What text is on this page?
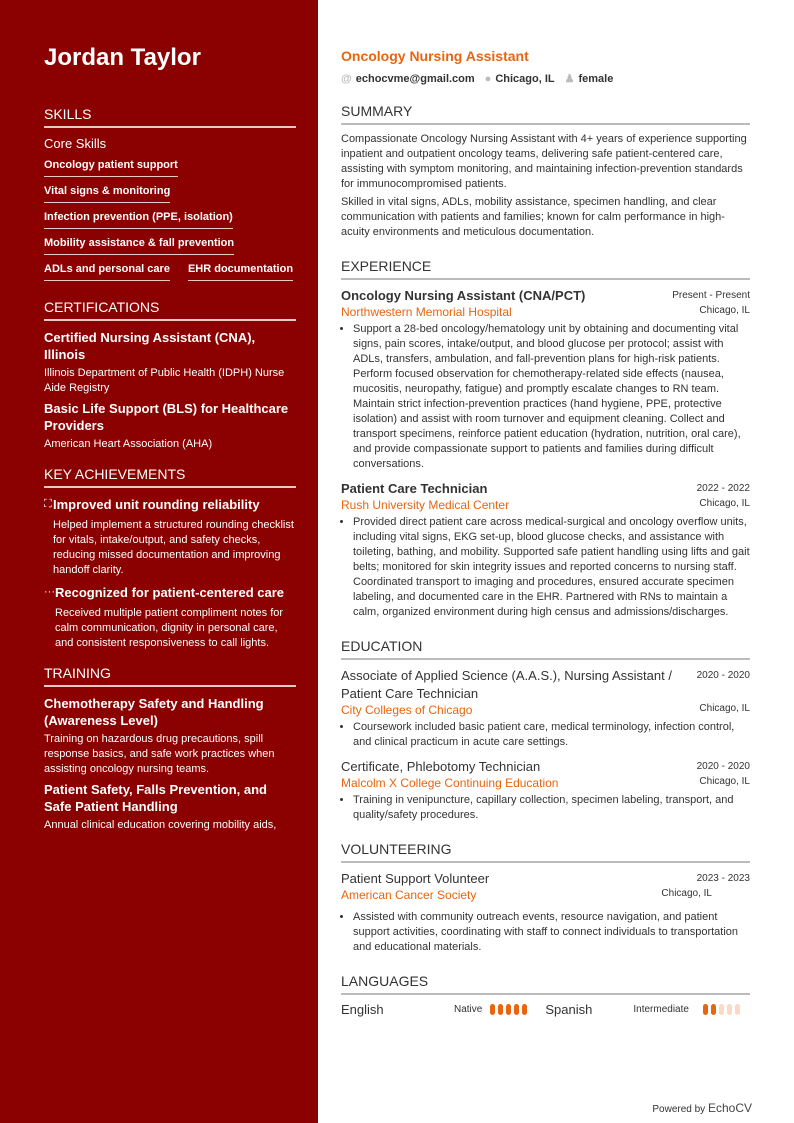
Jordan Taylor
SKILLS
Core Skills
Oncology patient support
Vital signs & monitoring
Infection prevention (PPE, isolation)
Mobility assistance & fall prevention
ADLs and personal care EHR documentation
CERTIFICATIONS
Certified Nursing Assistant (CNA), Illinois
Illinois Department of Public Health (IDPH) Nurse Aide Registry
Basic Life Support (BLS) for Healthcare Providers
American Heart Association (AHA)
KEY ACHIEVEMENTS
⛶ Improved unit rounding reliability
Helped implement a structured rounding checklist for vitals, intake/output, and safety checks, reducing missed documentation and improving handoff clarity.
··· Recognized for patient-centered care
Received multiple patient compliment notes for calm communication, dignity in personal care, and consistent responsiveness to call lights.
TRAINING
Chemotherapy Safety and Handling (Awareness Level)
Training on hazardous drug precautions, spill response basics, and safe work practices when assisting oncology nursing teams.
Patient Safety, Falls Prevention, and Safe Patient Handling
Annual clinical education covering mobility aids,
Oncology Nursing Assistant
@ echocvme@gmail.com ● Chicago, IL ♟ female
SUMMARY

Compassionate Oncology Nursing Assistant with 4+ years of experience supporting inpatient and outpatient oncology teams, delivering safe patient-centered care, assisting with symptom monitoring, and maintaining infection-prevention standards for immunocompromised patients.

Skilled in vital signs, ADLs, mobility assistance, specimen handling, and clear communication with patients and families; known for calm performance in high-acuity environments and meticulous documentation.

EXPERIENCE
Oncology Nursing Assistant (CNA/PCT)	Present - Present
Northwestern Memorial Hospital	Chicago, IL
• Support a 28-bed oncology/hematology unit by obtaining and documenting vital signs, pain scores, intake/output, and blood glucose per protocol; assist with ADLs, transfers, ambulation, and fall-prevention plans for high-risk patients. Perform focused observation for chemotherapy-related side effects (nausea, mucositis, neuropathy, fatigue) and promptly escalate changes to RN team. Maintain strict infection-prevention practices (hand hygiene, PPE, protective isolation) and assist with room turnover and equipment cleaning. Collect and transport specimens, reinforce patient education (hydration, nutrition, oral care), and provide compassionate support to patients and families during difficult conversations.
Patient Care Technician	2022 - 2022
Rush University Medical Center	Chicago, IL
• Provided direct patient care across medical-surgical and oncology overflow units, including vital signs, EKG set-up, blood glucose checks, and assistance with toileting, bathing, and mobility. Supported safe patient handling using lifts and gait belts; monitored for skin integrity issues and reported concerns to nursing staff. Coordinated transport to imaging and procedures, ensured accurate specimen labeling, and documented care in the EHR. Partnered with RNs to maintain a calm, organized environment during high census and admissions/discharges.
EDUCATION
Associate of Applied Science (A.A.S.), Nursing Assistant / Patient Care Technician
2020 - 2020
City Colleges of Chicago	Chicago, IL
• Coursework included basic patient care, medical terminology, infection control, and clinical practicum in acute care settings.
Certificate, Phlebotomy Technician	2020 - 2020
Malcolm X College Continuing Education	Chicago, IL
• Training in venipuncture, capillary collection, specimen labeling, transport, and quality/safety procedures.
VOLUNTEERING
Patient Support Volunteer	2023 - 2023
American Cancer Society	Chicago, IL
• Assisted with community outreach events, resource navigation, and patient support activities, coordinating with staff to connect individuals to transportation and educational materials.
LANGUAGES
English	Native	Spanish	Intermediate
Powered by EchoCV
